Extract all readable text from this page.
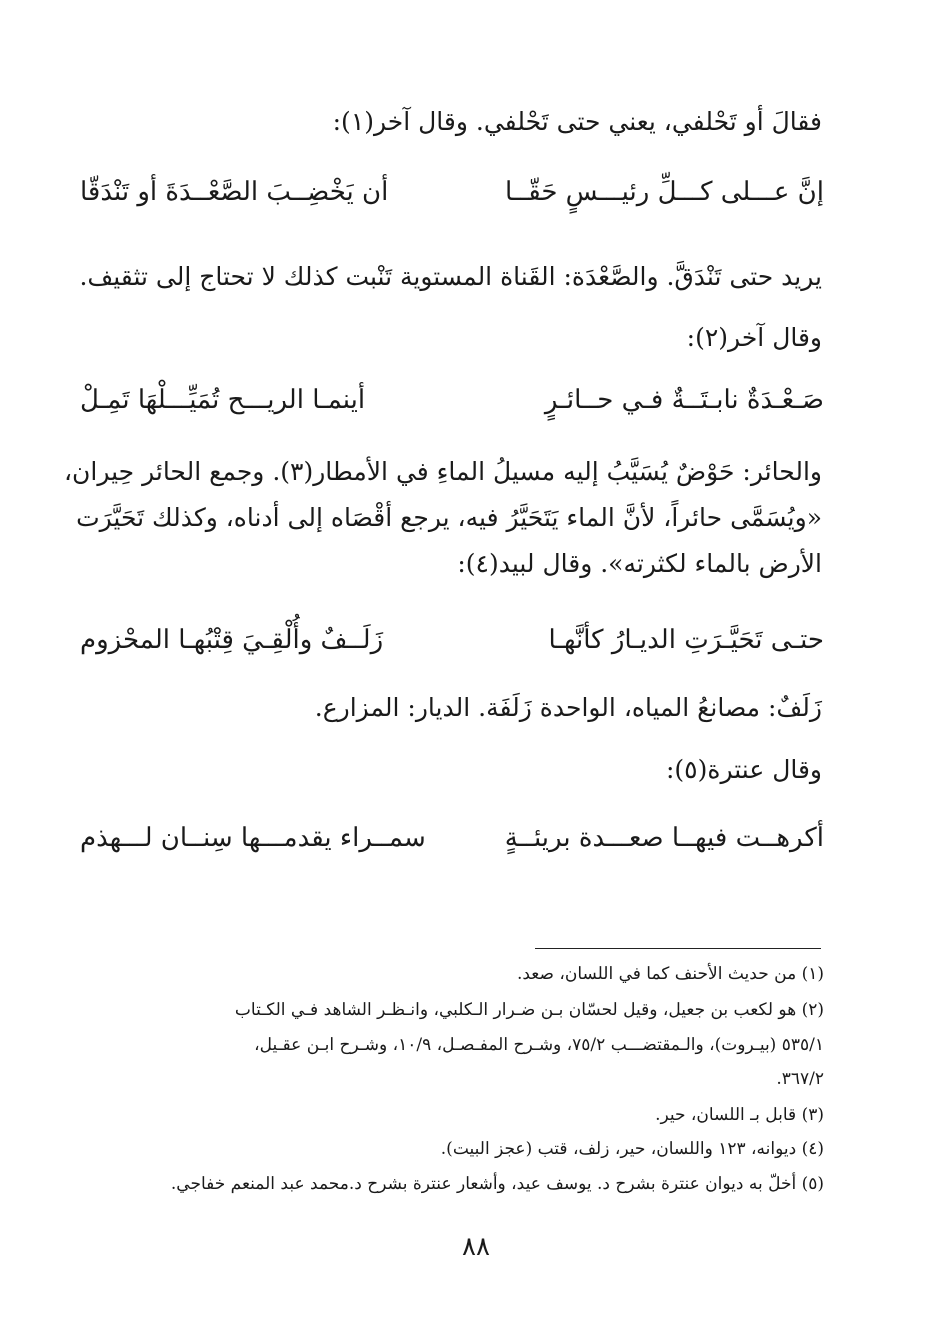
فقالَ أو تَحْلفي، يعني حتى تَحْلفي. وقال آخر(١):
إنَّ عـــلى كـــلِّ رئيـــسٍ حَقّــا
أن يَخْضِــبَ الصَّعْــدَةَ أو تَنْدَقّا
يريد حتى تَنْدَقَّ. والصَّعْدَة: القَناة المستوية تَنْبت كذلك لا تحتاج إلى تثقيف.
وقال آخر(٢):
صَـعْـدَةٌ نابـتَــةٌ فـي حــائـرٍ
أينمـا الريـــح تُمَيِّـــلْهَا تَمِـلْ
والحائر: حَوْضٌ يُسَيَّبُ إليه مسيلُ الماءِ في الأمطار(٣). وجمع الحائر حِيران،
«ويُسَمَّى حائراً، لأنَّ الماء يَتَحَيَّرُ فيه، يرجع أقْصَاه إلى أدناه، وكذلك تَحَيَّرَت
الأرض بالماء لكثرته». وقال لبيد(٤):
حتـى تَحَيَّـرَتِ الديـارُ كأنَّهـا
زَلَــفٌ وأُلْقِـيَ قِتْبُهـا المحْزوم
زَلَفٌ: مصانعُ المياه، الواحدة زَلَفَة. الديار: المزارع.
وقال عنترة(٥):
أكرهــت فيهــا صعـــدة بريئــةٍ
سمــراء يقدمـــها سِنــان لـــهذم
(١) من حديث الأحنف كما في اللسان، صعد.
(٢) هو لكعب بن جعيل، وقيل لحسّان بـن ضـرار الـكلبي، وانـظـر الشاهد فـي الكـتاب
٥٣٥/١ (بيـروت)، والـمقتضـــب ٧٥/٢، وشـرح المفـصـل، ١٠/٩، وشـرح ابـن عقـيل،
٣٦٧/٢.
(٣) قابل بـ اللسان، حير.
(٤) ديوانه، ١٢٣ واللسان، حير، زلف، قتب (عجز البيت).
(٥) أخلّ به ديوان عنترة بشرح د. يوسف عيد، وأشعار عنترة بشرح د.محمد عبد المنعم خفاجي.
٨٨
